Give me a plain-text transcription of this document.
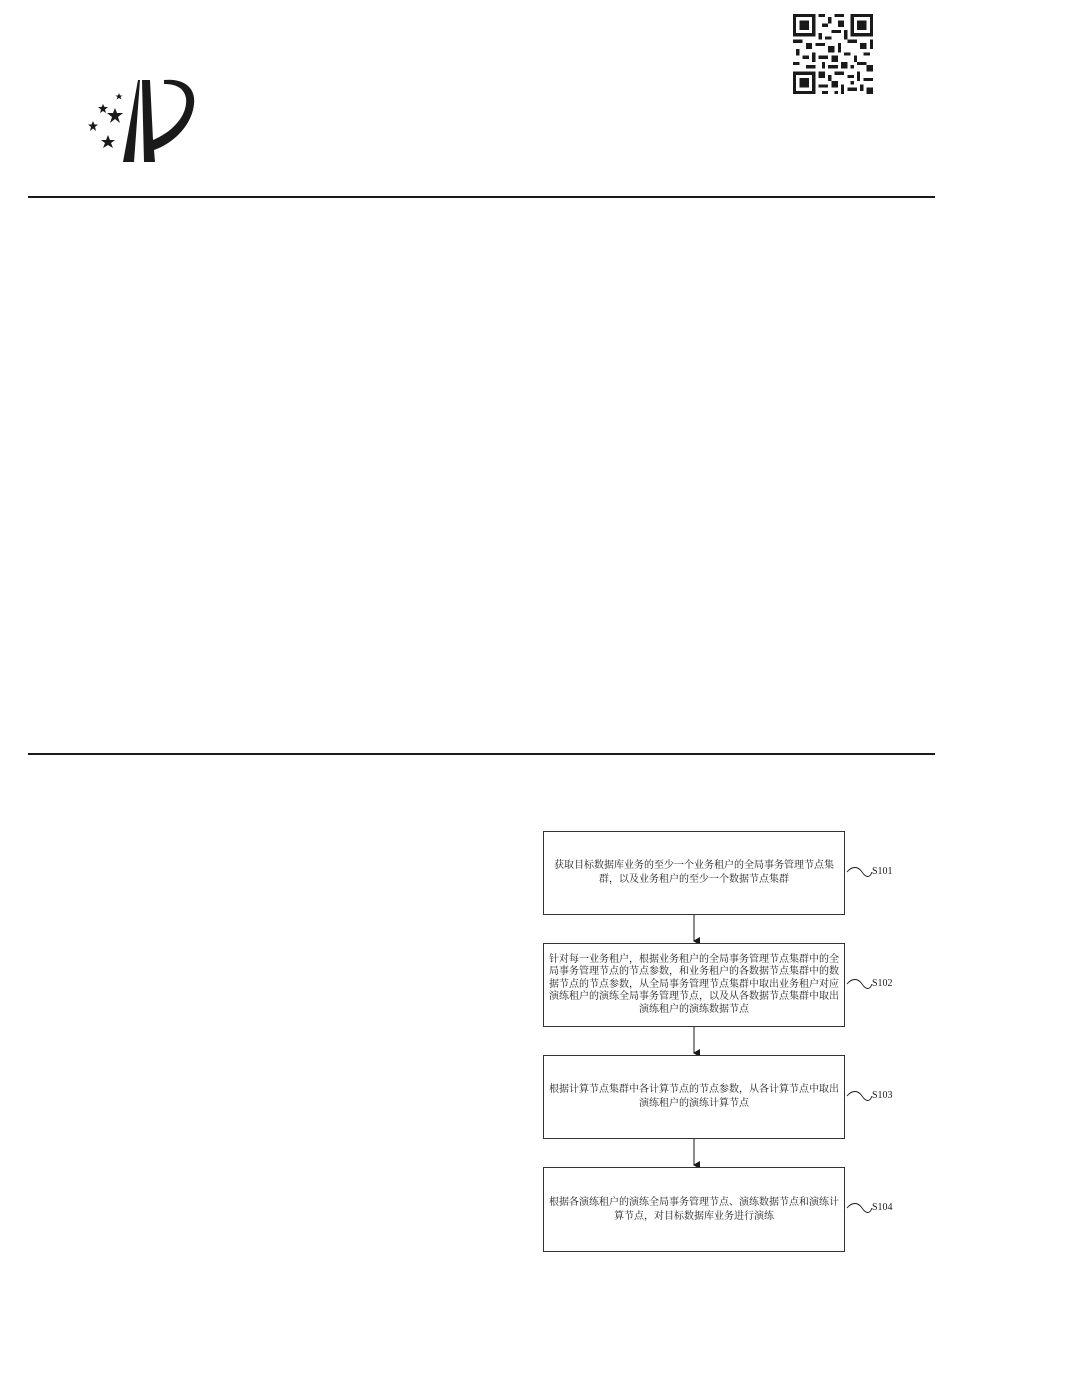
获取目标数据库业务的至少一个业务租户的全局事务管理节点集群，以及业务租户的至少一个数据节点集群
针对每一业务租户，根据业务租户的全局事务管理节点集群中的全局事务管理节点的节点参数，和业务租户的各数据节点集群中的数据节点的节点参数，从全局事务管理节点集群中取出业务租户对应演练租户的演练全局事务管理节点，以及从各数据节点集群中取出演练租户的演练数据节点
根据计算节点集群中各计算节点的节点参数，从各计算节点中取出演练租户的演练计算节点
根据各演练租户的演练全局事务管理节点、演练数据节点和演练计算节点，对目标数据库业务进行演练
S101
S102
S103
S104
